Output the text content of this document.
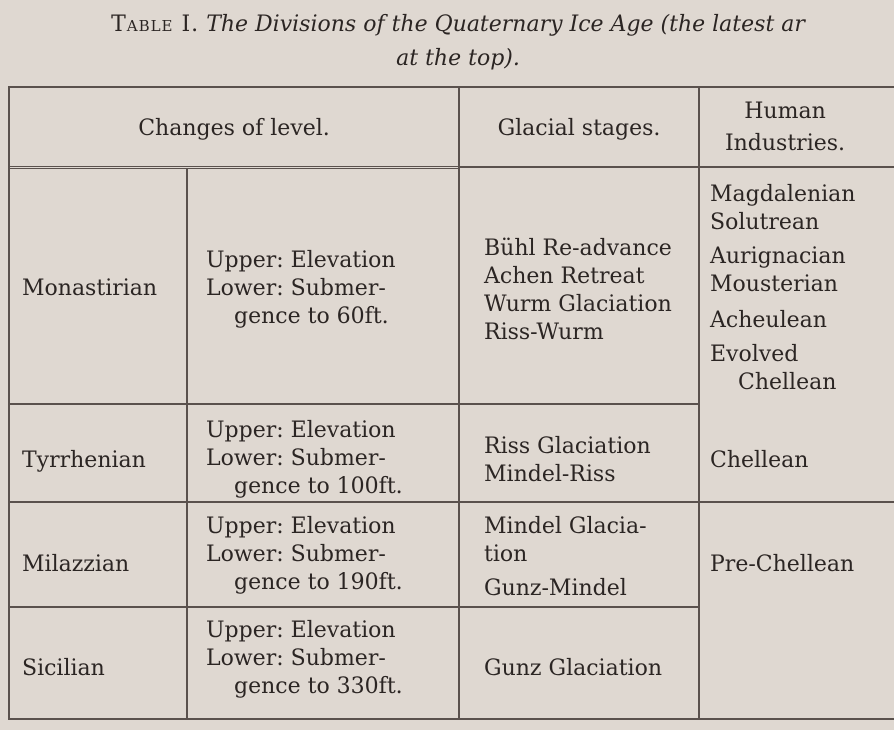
Table I. The Divisions of the Quaternary Ice Age (the latest ar
at the top).
Changes of level.	Glacial stages.
Human Industries.
Monastirian
Upper: Elevation
Lower: Submer-
gence to 60ft.
Bühl Re-advance
Achen Retreat
Wurm Glaciation
Riss-Wurm
Magdalenian
Solutrean
Aurignacian
Mousterian
Acheulean
Evolved
Chellean
Tyrrhenian
Upper: Elevation
Lower: Submer-
gence to 100ft.
Riss Glaciation
Mindel-Riss
Chellean
Milazzian
Upper: Elevation
Lower: Submer-
gence to 190ft.
Mindel Glacia-
tion
Gunz-Mindel
Pre-Chellean
Sicilian
Upper: Elevation
Lower: Submer-
gence to 330ft.
Gunz Glaciation
